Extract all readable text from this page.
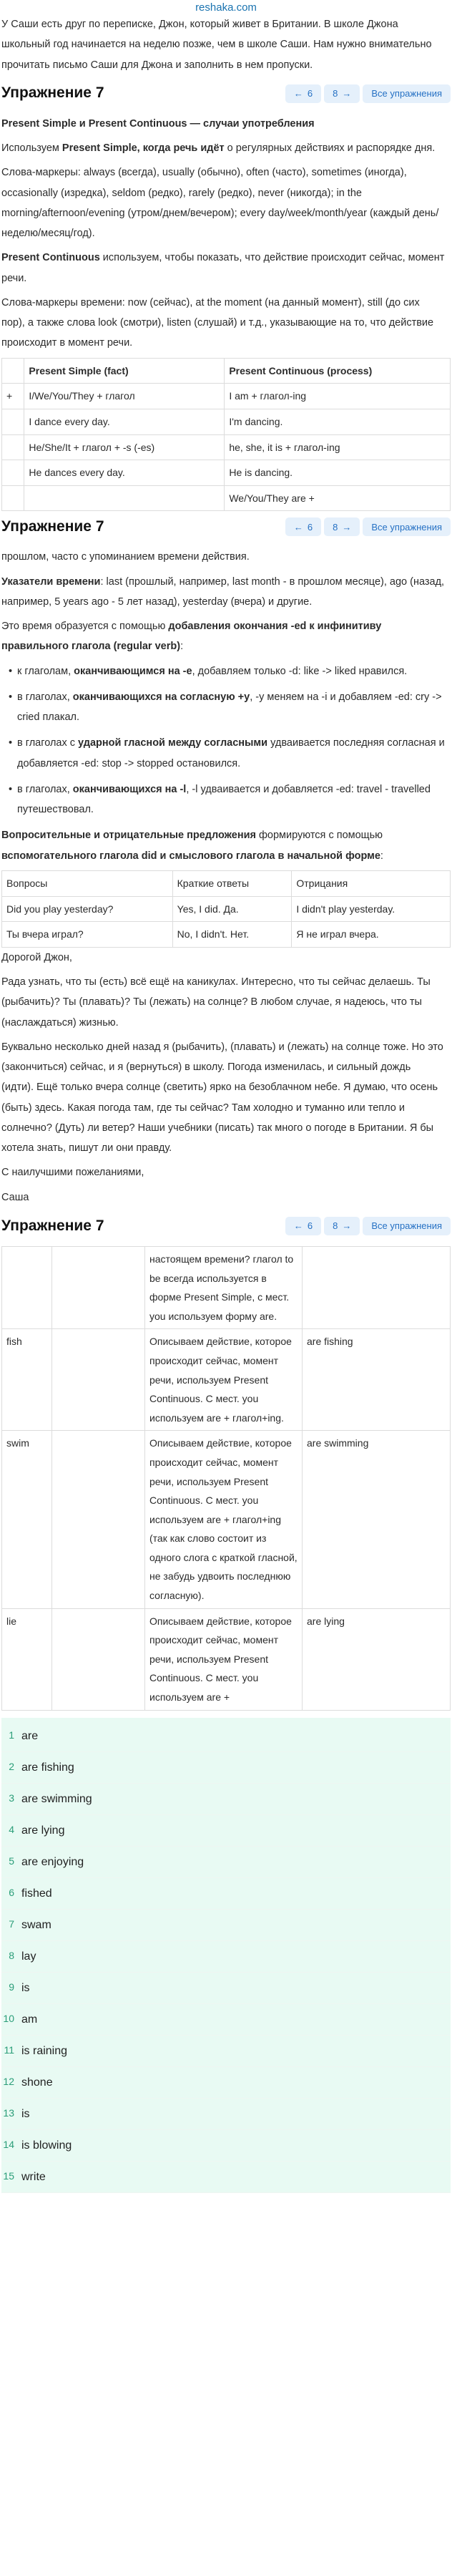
reshaka.com

У Саши есть друг по переписке, Джон, который живет в Британии. В школе Джона школьный год начинается на неделю позже, чем в школе Саши. Нам нужно внимательно прочитать письмо Саши для Джона и заполнить в нем пропуски.

Упражнение 7	← 6 8 →	Все упражнения

Present Simple и Present Continuous — случаи употребления

Используем Present Simple, когда речь идёт о регулярных действиях и распорядке дня.

Слова-маркеры: always (всегда), usually (обычно), often (часто), sometimes (иногда), occasionally (изредка), seldom (редко), rarely (редко), never (никогда); in the morning/afternoon/evening (утром/днем/вечером); every day/week/month/year (каждый день/неделю/месяц/год).

Present Continuous используем, чтобы показать, что действие происходит сейчас, момент речи.

Слова-маркеры времени: now (сейчас), at the moment (на данный момент), still (до сих пор), а также слова look (смотри), listen (слушай) и т.д., указывающие на то, что действие происходит в момент речи.

	Present Simple (fact)	Present Continuous (process)
+	I/We/You/They + глагол	I am + глагол-ing
	I dance every day.	I'm dancing.
	He/She/It + глагол + -s (-es)	he, she, it is + глагол-ing
	He dances every day.	He is dancing.
		We/You/They are +
Упражнение 7	← 6 8 →	Все упражнения

прошлом, часто с упоминанием времени действия.

Указатели времени: last (прошлый, например, last month - в прошлом месяце), ago (назад, например, 5 years ago - 5 лет назад), yesterday (вчера) и другие.

Это время образуется с помощью добавления окончания -ed к инфинитиву правильного глагола (regular verb):

• к глаголам, оканчивающимся на -e, добавляем только -d: like -> liked нравился.
• в глаголах, оканчивающихся на согласную +y, -y меняем на -i и добавляем -ed: cry -> cried плакал.
• в глаголах с ударной гласной между согласными удваивается последняя согласная и добавляется -ed: stop -> stopped остановился.
• в глаголах, оканчивающихся на -l, -l удваивается и добавляется -ed: travel - travelled путешествовал.

Вопросительные и отрицательные предложения формируются с помощью вспомогательного глагола did и смыслового глагола в начальной форме:

Вопросы	Краткие ответы	Отрицания
Did you play yesterday?	Yes, I did. Да.	I didn't play yesterday.
Ты вчера играл?	No, I didn't. Нет.	Я не играл вчера.

Дорогой Джон,

Рада узнать, что ты (есть) всё ещё на каникулах. Интересно, что ты сейчас делаешь. Ты (рыбачить)? Ты (плавать)? Ты (лежать) на солнце? В любом случае, я надеюсь, что ты (наслаждаться) жизнью.

Буквально несколько дней назад я (рыбачить), (плавать) и (лежать) на солнце тоже. Но это (закончиться) сейчас, и я (вернуться) в школу. Погода изменилась, и сильный дождь (идти). Ещё только вчера солнце (светить) ярко на безоблачном небе. Я думаю, что осень (быть) здесь. Какая погода там, где ты сейчас? Там холодно и туманно или тепло и солнечно? (Дуть) ли ветер? Наши учебники (писать) так много о погоде в Британии. Я бы хотела знать, пишут ли они правду.

С наилучшими пожеланиями,

Саша

Упражнение 7	← 6 8 →	Все упражнения
		настоящем времени? глагол to be всегда используется в форме Present Simple, с мест. you используем форму are.	
fish		Описываем действие, которое происходит сейчас, момент речи, используем Present Continuous. С мест. you используем are + глагол+ing.	are fishing
swim		Описываем действие, которое происходит сейчас, момент речи, используем Present Continuous. С мест. you используем are + глагол+ing (так как слово состоит из одного слога с краткой гласной, не забудь удвоить последнюю согласную).	are swimming
lie		Описываем действие, которое происходит сейчас, момент речи, используем Present Continuous. С мест. you используем are +	are lying
1 are
2 are fishing
3 are swimming
4 are lying
5 are enjoying
6 fished
7 swam
8 lay
9 is
10 am
11 is raining
12 shone
13 is
14 is blowing
15 write
